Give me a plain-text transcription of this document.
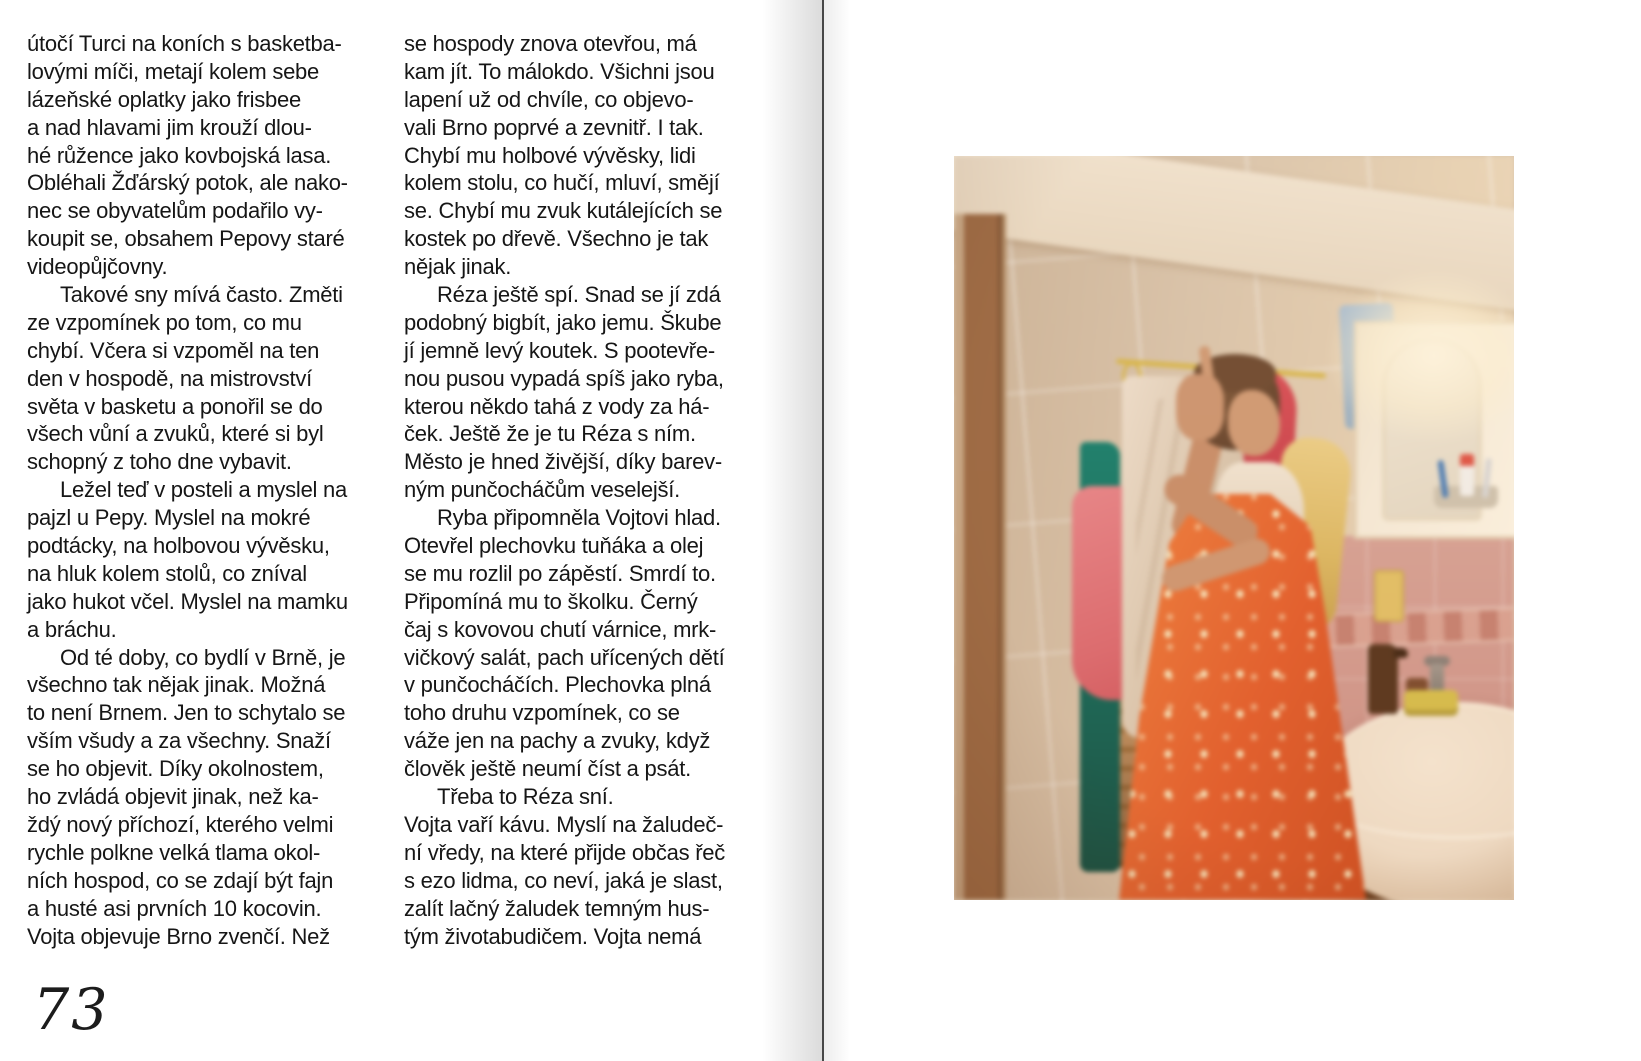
útočí Turci na koních s basketba-
lovými míči, metají kolem sebe
lázeňské oplatky jako frisbee
a nad hlavami jim krouží dlou-
hé růžence jako kovbojská lasa.
Obléhali Žďárský potok, ale nako-
nec se obyvatelům podařilo vy-
koupit se, obsahem Pepovy staré
videopůjčovny.
Takové sny mívá často. Změti
ze vzpomínek po tom, co mu
chybí. Včera si vzpoměl na ten
den v hospodě, na mistrovství
světa v basketu a ponořil se do
všech vůní a zvuků, které si byl
schopný z toho dne vybavit.
Ležel teď v posteli a myslel na
pajzl u Pepy. Myslel na mokré
podtácky, na holbovou vývěsku,
na hluk kolem stolů, co zníval
jako hukot včel. Myslel na mamku
a bráchu.
Od té doby, co bydlí v Brně, je
všechno tak nějak jinak. Možná
to není Brnem. Jen to schytalo se
vším všudy a za všechny. Snaží
se ho objevit. Díky okolnostem,
ho zvládá objevit jinak, než ka-
ždý nový příchozí, kterého velmi
rychle polkne velká tlama okol-
ních hospod, co se zdají být fajn
a husté asi prvních 10 kocovin.
Vojta objevuje Brno zvenčí. Než
se hospody znova otevřou, má
kam jít. To málokdo. Všichni jsou
lapení už od chvíle, co objevo-
vali Brno poprvé a zevnitř. I tak.
Chybí mu holbové vývěsky, lidi
kolem stolu, co hučí, mluví, smějí
se. Chybí mu zvuk kutálejících se
kostek po dřevě. Všechno je tak
nějak jinak.
Réza ještě spí. Snad se jí zdá
podobný bigbít, jako jemu. Škube
jí jemně levý koutek. S pootevře-
nou pusou vypadá spíš jako ryba,
kterou někdo tahá z vody za há-
ček. Ještě že je tu Réza s ním.
Město je hned živější, díky barev-
ným punčocháčům veselejší.
Ryba připomněla Vojtovi hlad.
Otevřel plechovku tuňáka a olej
se mu rozlil po zápěstí. Smrdí to.
Připomíná mu to školku. Černý
čaj s kovovou chutí várnice, mrk-
vičkový salát, pach uřícených dětí
v punčocháčích. Plechovka plná
toho druhu vzpomínek, co se
váže jen na pachy a zvuky, když
člověk ještě neumí číst a psát.
Třeba to Réza sní.
Vojta vaří kávu. Myslí na žaludeč-
ní vředy, na které přijde občas řeč
s ezo lidma, co neví, jaká je slast,
zalít lačný žaludek temným hus-
tým životabudičem. Vojta nemá
73
